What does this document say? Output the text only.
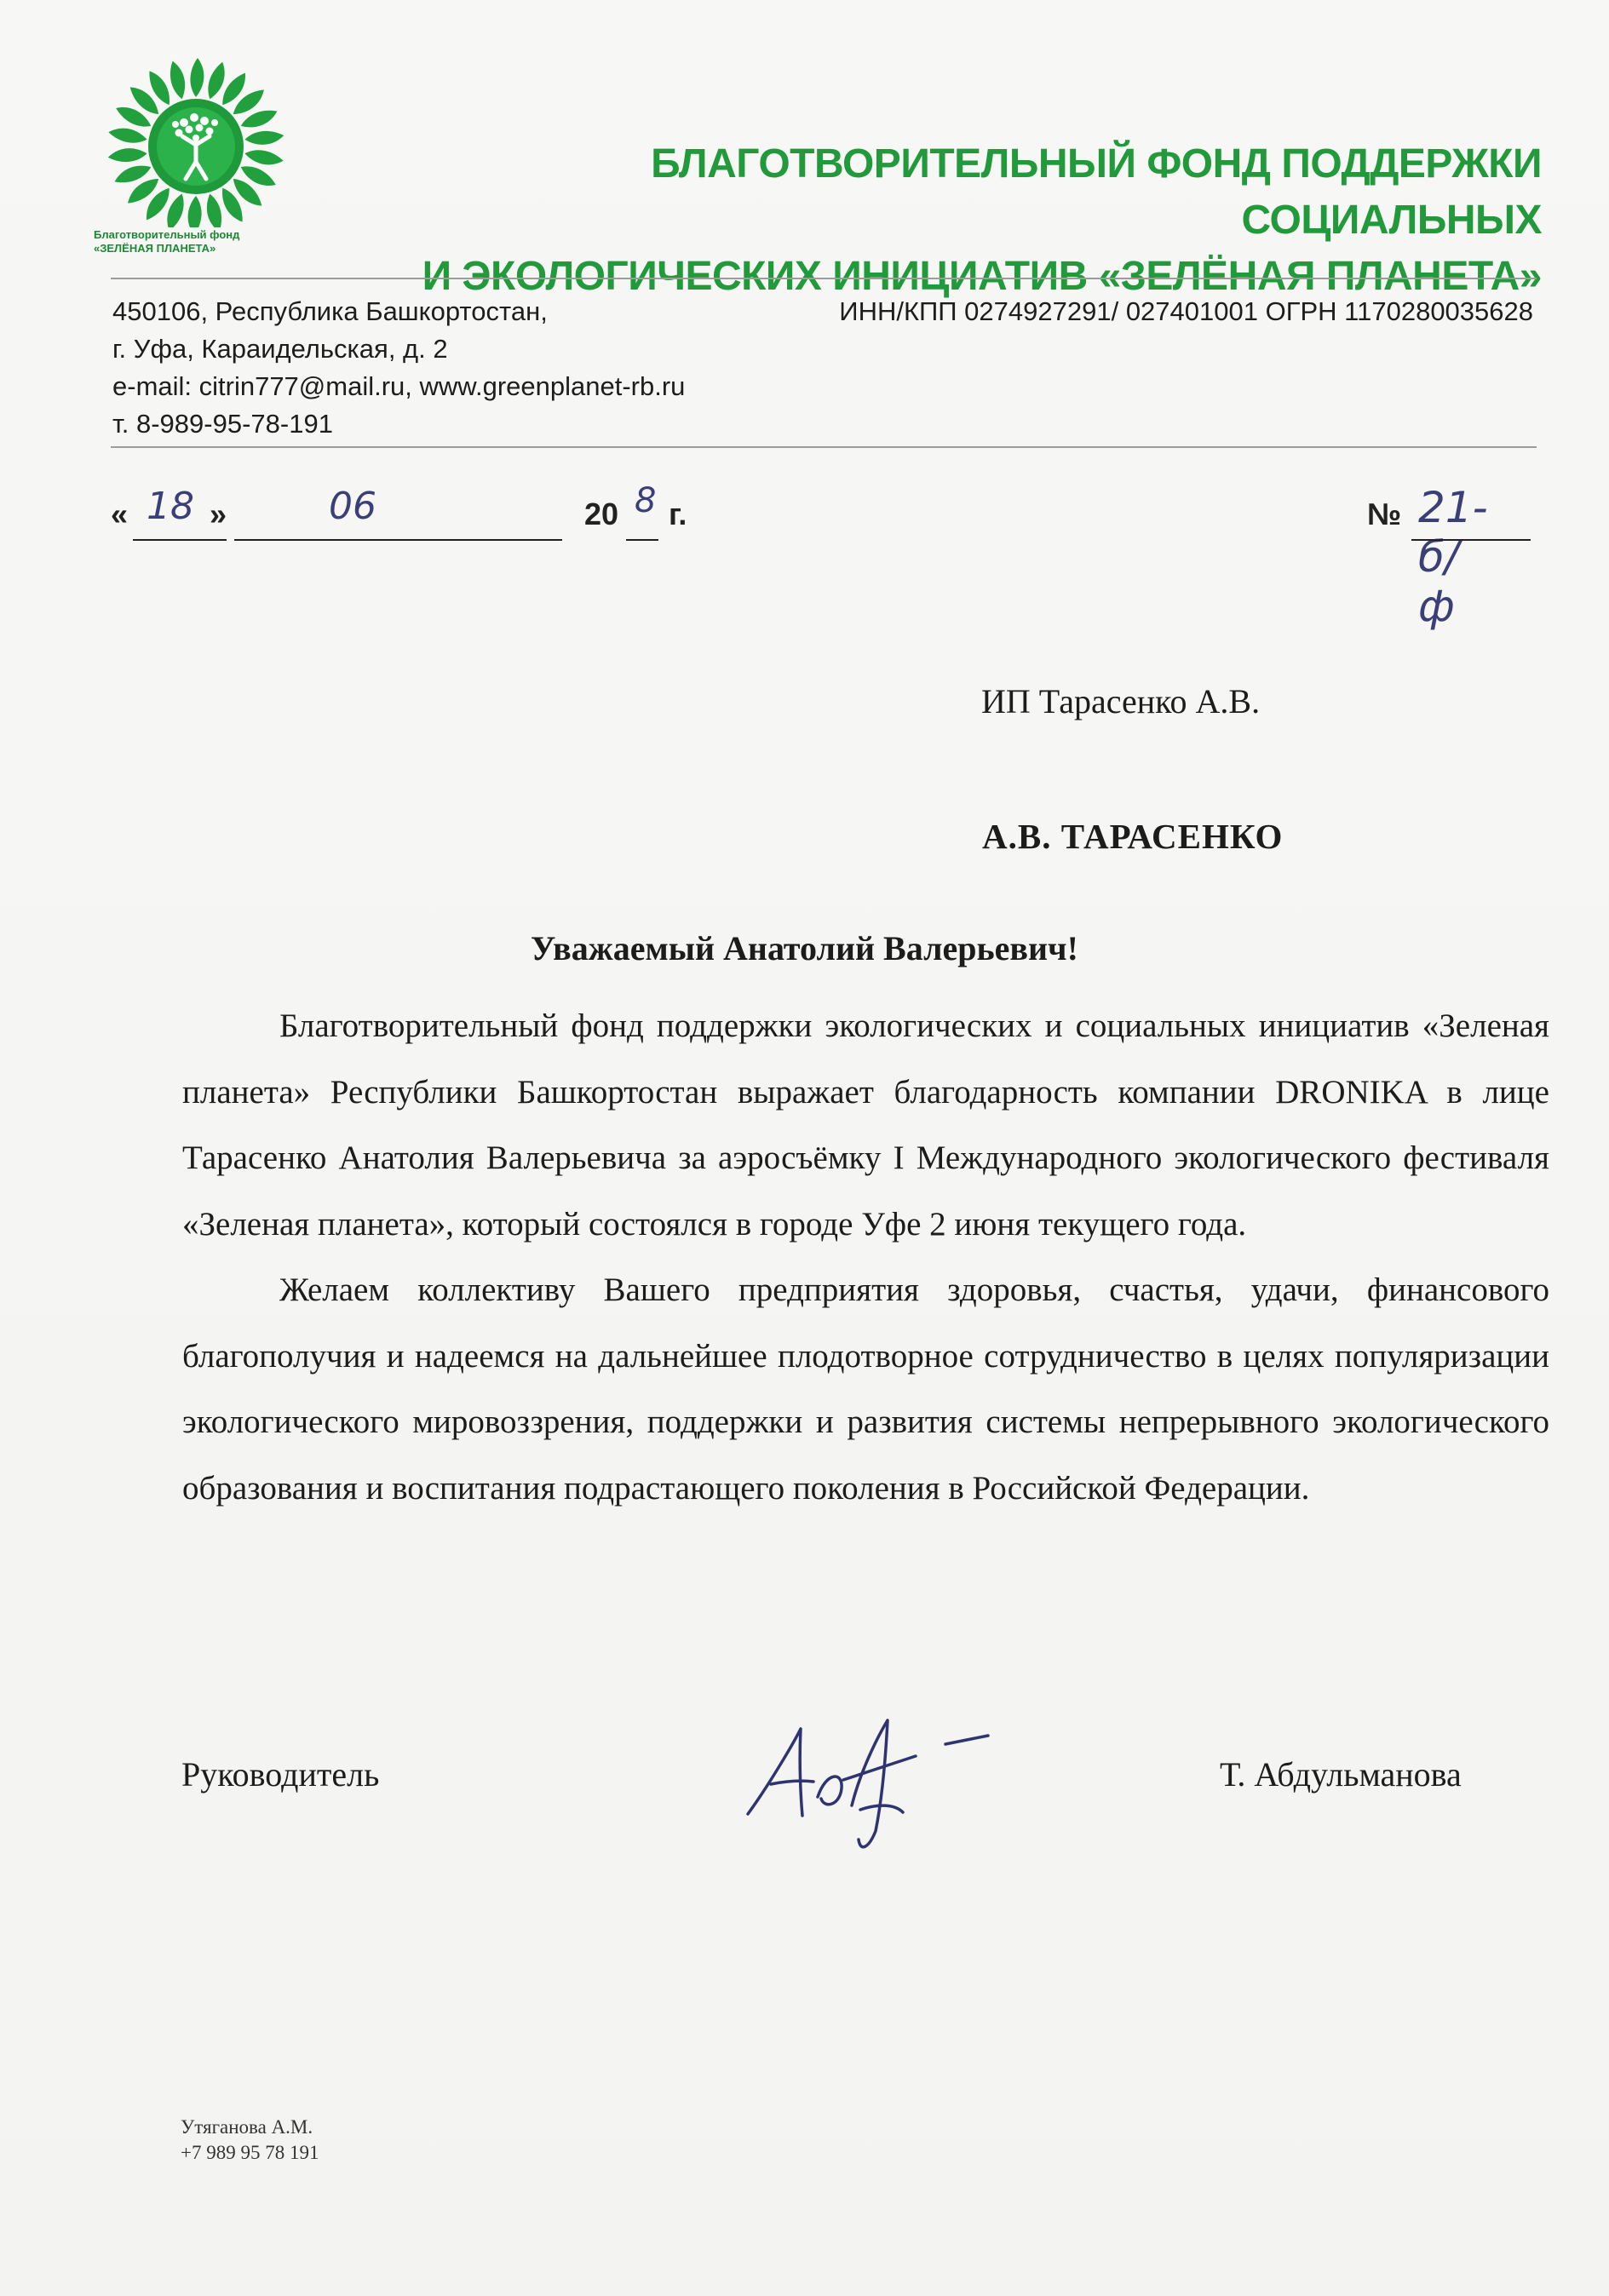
Благотворительный фонд
«ЗЕЛЁНАЯ ПЛАНЕТА»
БЛАГОТВОРИТЕЛЬНЫЙ ФОНД ПОДДЕРЖКИ СОЦИАЛЬНЫХ
И ЭКОЛОГИЧЕСКИХ ИНИЦИАТИВ «ЗЕЛЁНАЯ ПЛАНЕТА»
450106, Республика Башкортостан,
г. Уфа, Караидельская, д. 2
e-mail: citrin777@mail.ru, www.greenplanet-rb.ru
т. 8-989-95-78-191
ИНН/КПП 0274927291/ 027401001 ОГРН 1170280035628
« 18 »	06	20 8 г.	№ 21-б/ф
ИП Тарасенко А.В.
А.В. ТАРАСЕНКО
Уважаемый Анатолий Валерьевич!

Благотворительный фонд поддержки экологических и социальных инициатив «Зеленая планета» Республики Башкортостан выражает благодарность компании DRONIKA в лице Тарасенко Анатолия Валерьевича за аэросъёмку I Международного экологического фестиваля «Зеленая планета», который состоялся в городе Уфе 2 июня текущего года.

Желаем коллективу Вашего предприятия здоровья, счастья, удачи, финансового благополучия и надеемся на дальнейшее плодотворное сотрудничество в целях популяризации экологического мировоззрения, поддержки и развития системы непрерывного экологического образования и воспитания подрастающего поколения в Российской Федерации.

Руководитель	Т. Абдульманова
Утяганова А.М.
+7 989 95 78 191
